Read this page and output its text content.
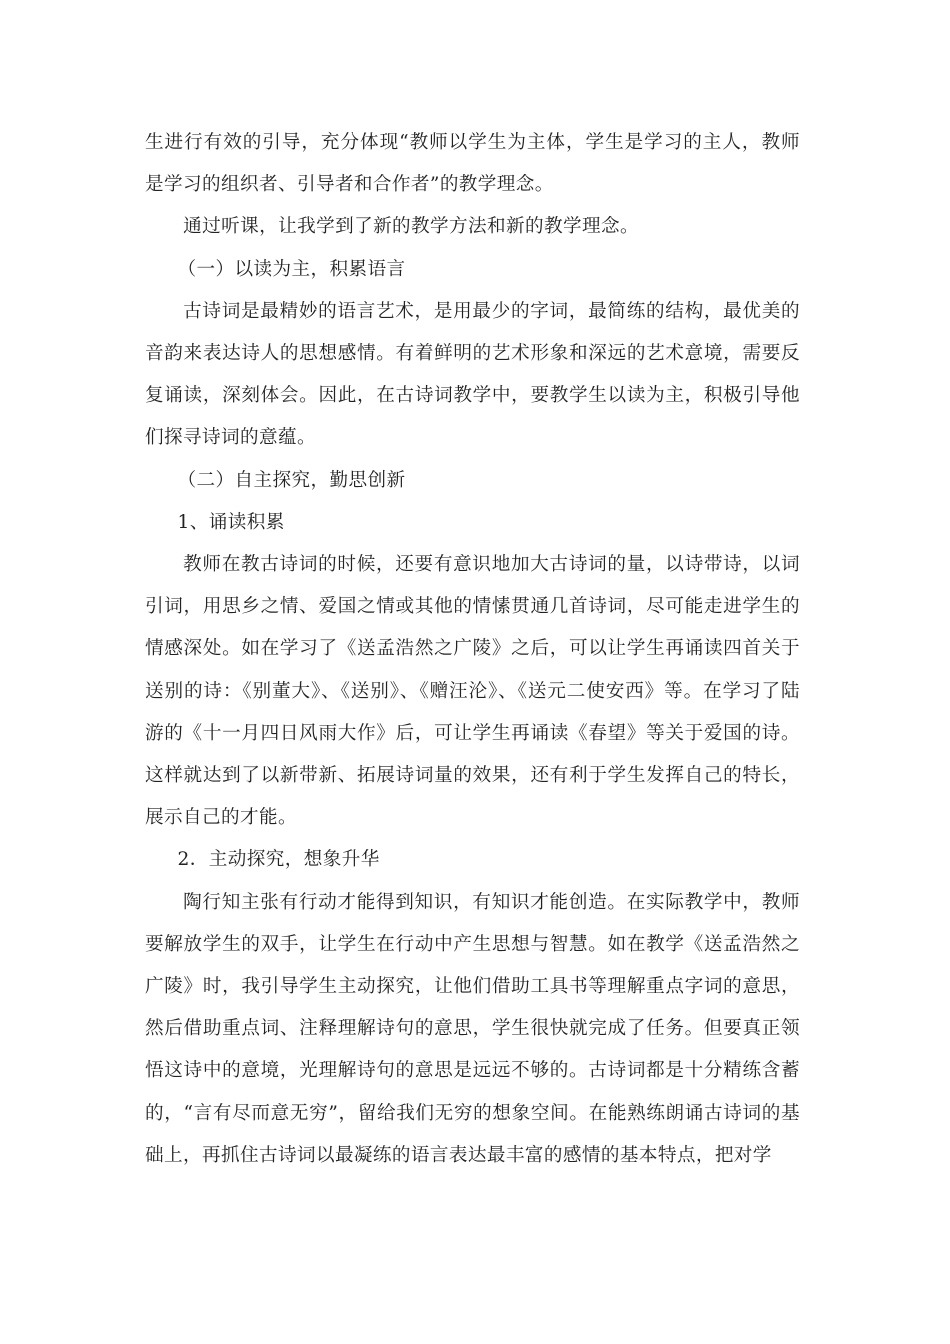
生进行有效的引导，充分体现“教师以学生为主体，学生是学习的主人，教师是学习的组织者、引导者和合作者”的教学理念。

通过听课，让我学到了新的教学方法和新的教学理念。

（一）以读为主，积累语言

古诗词是最精妙的语言艺术，是用最少的字词，最简练的结构，最优美的音韵来表达诗人的思想感情。有着鲜明的艺术形象和深远的艺术意境，需要反复诵读，深刻体会。因此，在古诗词教学中，要教学生以读为主，积极引导他们探寻诗词的意蕴。

（二）自主探究，勤思创新

1、诵读积累

教师在教古诗词的时候，还要有意识地加大古诗词的量，以诗带诗，以词引词，用思乡之情、爱国之情或其他的情愫贯通几首诗词，尽可能走进学生的情感深处。如在学习了《送孟浩然之广陵》之后，可以让学生再诵读四首关于送别的诗：《别董大》、《送别》、《赠汪沦》、《送元二使安西》等。在学习了陆游的《十一月四日风雨大作》后，可让学生再诵读《春望》等关于爱国的诗。这样就达到了以新带新、拓展诗词量的效果，还有利于学生发挥自己的特长，展示自己的才能。

2．主动探究，想象升华

陶行知主张有行动才能得到知识，有知识才能创造。在实际教学中，教师要解放学生的双手，让学生在行动中产生思想与智慧。如在教学《送孟浩然之广陵》时，我引导学生主动探究，让他们借助工具书等理解重点字词的意思，然后借助重点词、注释理解诗句的意思，学生很快就完成了任务。但要真正领悟这诗中的意境，光理解诗句的意思是远远不够的。古诗词都是十分精练含蓄的，“言有尽而意无穷”，留给我们无穷的想象空间。在能熟练朗诵古诗词的基础上，再抓住古诗词以最凝练的语言表达最丰富的感情的基本特点，把对学
